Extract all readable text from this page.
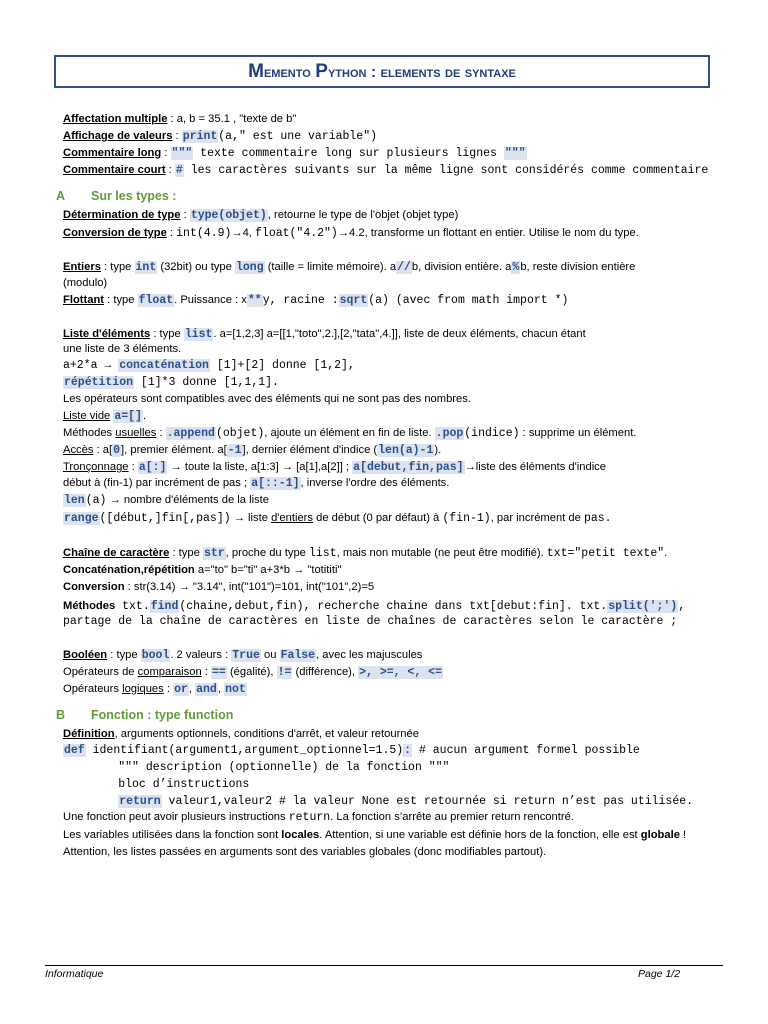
Memento Python : elements de syntaxe
Affectation multiple : a, b = 35.1 , "texte de b"
Affichage de valeurs : print(a," est une variable")
Commentaire long : """ texte commentaire long sur plusieurs lignes """
Commentaire court : # les caractères suivants sur la même ligne sont considérés comme commentaire
A Sur les types :
Détermination de type : type(objet), retourne le type de l'objet (objet type)
Conversion de type : int(4.9)→4, float("4.2")→4.2, transforme un flottant en entier. Utilise le nom du type.
Entiers : type int (32bit) ou type long (taille = limite mémoire). a//b, division entière. a%b, reste division entière
(modulo)
Flottant : type float. Puissance : x**y, racine :sqrt(a) (avec from math import *)
Liste d'éléments : type list. a=[1,2,3] a=[[1,"toto",2.],[2,"tata",4.]], liste de deux éléments, chacun étant
une liste de 3 éléments.
a+2*a → concaténation [1]+[2] donne [1,2],
répétition [1]*3 donne [1,1,1].
Les opérateurs sont compatibles avec des éléments qui ne sont pas des nombres.
Liste vide a=[].
Méthodes usuelles : .append(objet), ajoute un élément en fin de liste. .pop(indice) : supprime un élément.
Accès : a[0], premier élément. a[-1], dernier élément d'indice (len(a)-1).
Tronçonnage : a[:] → toute la liste, a[1:3] → [a[1],a[2]] ; a[debut,fin,pas]→liste des éléments d'indice
début à (fin-1) par incrément de pas ; a[::-1], inverse l'ordre des éléments.
len(a) → nombre d'éléments de la liste
range([début,]fin[,pas]) → liste d'entiers de début (0 par défaut) à (fin-1), par incrément de pas.
Chaîne de caractère : type str, proche du type list, mais non mutable (ne peut être modifié). txt="petit texte".
Concaténation,répétition a="to" b="ti" a+3*b → "totititi"
Conversion : str(3.14) → "3.14", int("101")=101, int("101",2)=5
Méthodes txt.find(chaine,debut,fin), recherche chaine dans txt[debut:fin]. txt.split(';'),
partage de la chaîne de caractères en liste de chaînes de caractères selon le caractère ;
Booléen : type bool. 2 valeurs : True ou False, avec les majuscules
Opérateurs de comparaison : == (égalité), != (différence), >, >=, <, <=
Opérateurs logiques : or, and, not
B Fonction : type function
Définition, arguments optionnels, conditions d'arrêt, et valeur retournée
def identifiant(argument1,argument_optionnel=1.5): # aucun argument formel possible
""" description (optionnelle) de la fonction """
bloc d’instructions
return valeur1,valeur2 # la valeur None est retournée si return n’est pas utilisée.
Une fonction peut avoir plusieurs instructions return. La fonction s’arrête au premier return rencontré.
Les variables utilisées dans la fonction sont locales. Attention, si une variable est définie hors de la fonction, elle est globale !
Attention, les listes passées en arguments sont des variables globales (donc modifiables partout).
Informatique	Page 1/2
